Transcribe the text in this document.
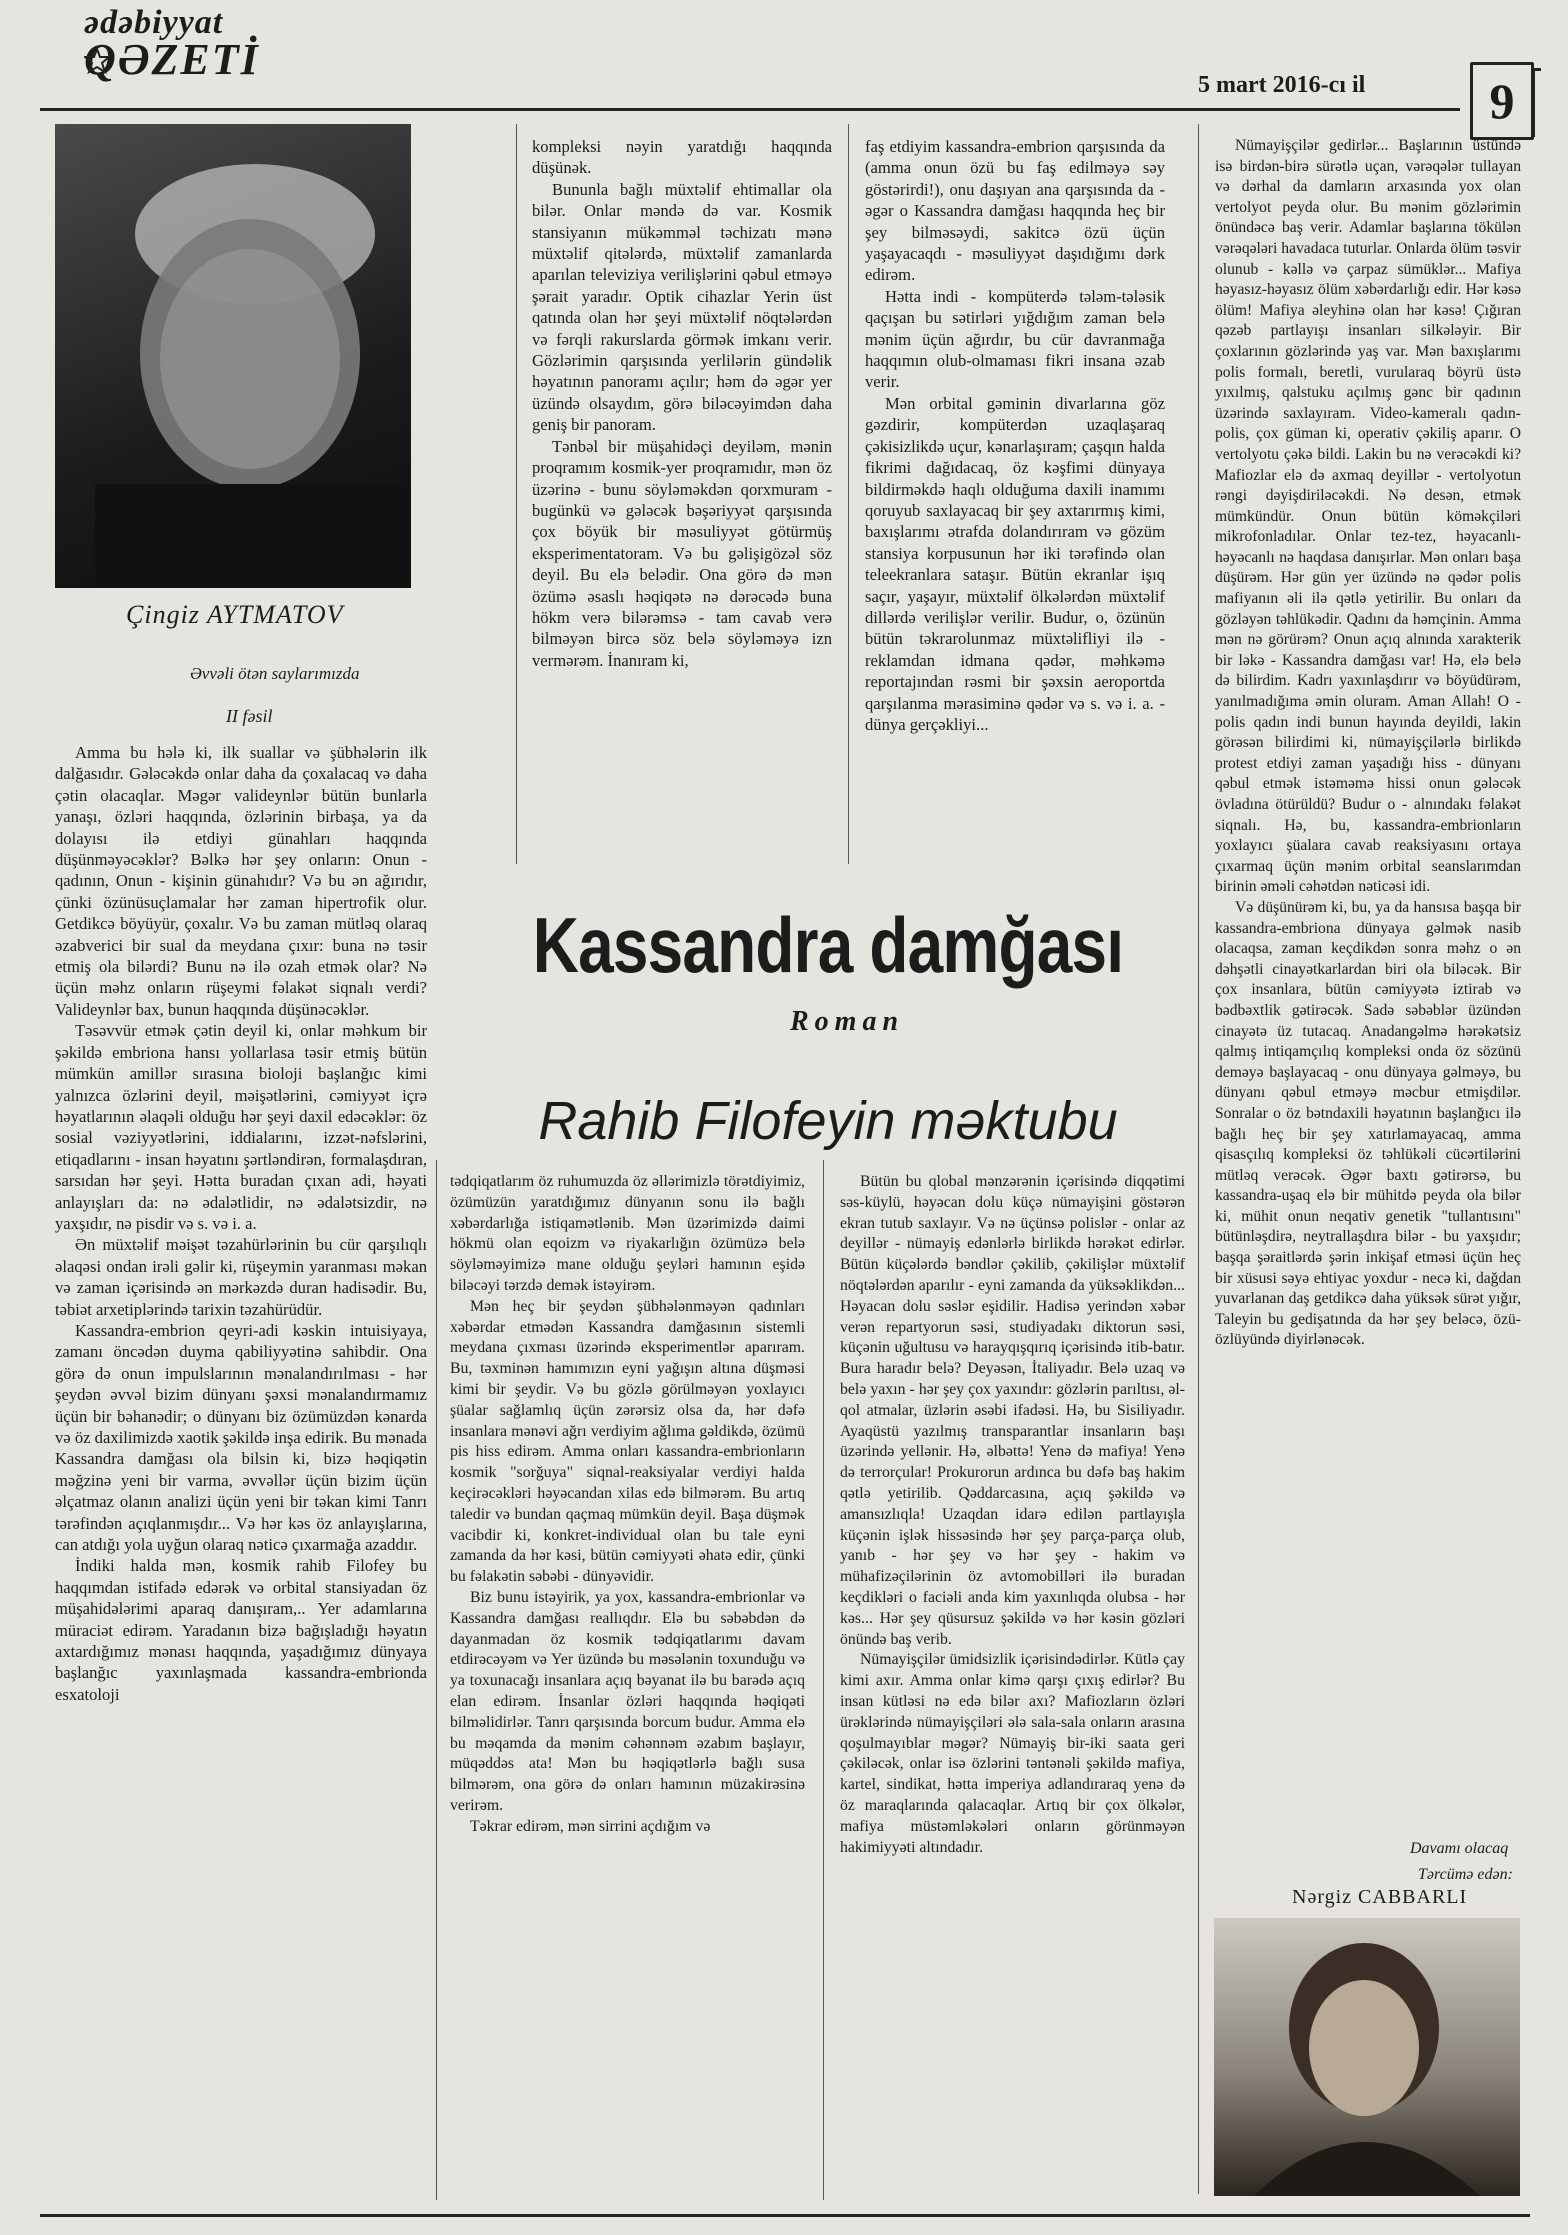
ədəbiyyat
QƏZETİ
5 mart 2016-cı il	9
Çingiz AYTMATOV
Əvvəli ötən saylarımızda
II fəsil

Amma bu hələ ki, ilk suallar və şübhələrin ilk dalğasıdır. Gələcəkdə onlar daha da çoxalacaq və daha çətin olacaqlar. Məgər valideynlər bütün bunlarla yanaşı, özləri haqqında, özlərinin birbaşa, ya da dolayısı ilə etdiyi günahları haqqında düşünməyəcəklər? Bəlkə hər şey onların: Onun - qadının, Onun - kişinin günahıdır? Və bu ən ağırıdır, çünki özünüsuçlamalar hər zaman hipertrofik olur. Getdikcə böyüyür, çoxalır. Və bu zaman mütləq olaraq əzabverici bir sual da meydana çıxır: buna nə təsir etmiş ola bilərdi? Bunu nə ilə ozah etmək olar? Nə üçün məhz onların rüşeymi fəlakət siqnalı verdi? Valideynlər bax, bunun haqqında düşünəcəklər.

Təsəvvür etmək çətin deyil ki, onlar məhkum bir şəkildə embriona hansı yollarlasa təsir etmiş bütün mümkün amillər sırasına bioloji başlanğıc kimi yalnızca özlərini deyil, məişətlərini, cəmiyyət içrə həyatlarının əlaqəli olduğu hər şeyi daxil edəcəklər: öz sosial vəziyyətlərini, iddialarını, izzət-nəfslərini, etiqadlarını - insan həyatını şərtləndirən, formalaşdıran, sarsıdan hər şeyi. Hətta buradan çıxan adi, həyati anlayışları da: nə ədalətlidir, nə ədalətsizdir, nə yaxşıdır, nə pisdir və s. və i. a.

Ən müxtəlif məişət təzahürlərinin bu cür qarşılıqlı əlaqəsi ondan irəli gəlir ki, rüşeymin yaranması məkan və zaman içərisində ən mərkəzdə duran hadisədir. Bu, təbiət arxetiplərində tarixin təzahürüdür.

Kassandra-embrion qeyri-adi kəskin intuisiyaya, zamanı öncədən duyma qabiliyyətinə sahibdir. Ona görə də onun impulslarının mənalandırılması - hər şeydən əvvəl bizim dünyanı şəxsi mənalandırmamız üçün bir bəhanədir; o dünyanı biz özümüzdən kənarda və öz daxilimizdə xaotik şəkildə inşa edirik. Bu mənada Kassandra damğası ola bilsin ki, bizə həqiqətin məğzinə yeni bir varma, əvvəllər üçün bizim üçün əlçatmaz olanın analizi üçün yeni bir təkan kimi Tanrı tərəfindən açıqlanmışdır... Və hər kəs öz anlayışlarına, can atdığı yola uyğun olaraq nəticə çıxarmağa azaddır.

İndiki halda mən, kosmik rahib Filofey bu haqqımdan istifadə edərək və orbital stansiyadan öz müşahidələrimi aparaq danışıram,.. Yer adamlarına müraciət edirəm. Yaradanın bizə bağışladığı həyatın axtardığımız mənası haqqında, yaşadığımız dünyaya başlanğıc yaxınlaşmada kassandra-embrionda esxatoloji

kompleksi nəyin yaratdığı haqqında düşünək.

Bununla bağlı müxtəlif ehtimallar ola bilər. Onlar məndə də var. Kosmik stansiyanın mükəmməl təchizatı mənə müxtəlif qitələrdə, müxtəlif zamanlarda aparılan televiziya verilişlərini qəbul etməyə şərait yaradır. Optik cihazlar Yerin üst qatında olan hər şeyi müxtəlif nöqtələrdən və fərqli rakurslarda görmək imkanı verir. Gözlərimin qarşısında yerlilərin gündəlik həyatının panoramı açılır; həm də əgər yer üzündə olsaydım, görə biləcəyimdən daha geniş bir panoram.

Tənbəl bir müşahidəçi deyiləm, mənin proqramım kosmik-yer proqramıdır, mən öz üzərinə - bunu söyləməkdən qorxmuram - bugünkü və gələcək bəşəriyyət qarşısında çox böyük bir məsuliyyət götürmüş eksperimentatoram. Və bu gəlişigözəl söz deyil. Bu elə belədir. Ona görə də mən özümə əsaslı həqiqətə nə dərəcədə buna hökm verə bilərəmsə - tam cavab verə bilməyən bircə söz belə söyləməyə izn vermərəm. İnanıram ki,

faş etdiyim kassandra-embrion qarşısında da (amma onun özü bu faş edilməyə səy göstərirdi!), onu daşıyan ana qarşısında da - əgər o Kassandra damğası haqqında heç bir şey bilməsəydi, sakitcə özü üçün yaşayacaqdı - məsuliyyət daşıdığımı dərk edirəm.

Hətta indi - kompüterdə tələm-tələsik qaçışan bu sətirləri yığdığım zaman belə mənim üçün ağırdır, bu cür davranmağa haqqımın olub-olmaması fikri insana əzab verir.

Mən orbital gəminin divarlarına göz gəzdirir, kompüterdən uzaqlaşaraq çəkisizlikdə uçur, kənarlaşıram; çaşqın halda fikrimi dağıdacaq, öz kəşfimi dünyaya bildirməkdə haqlı olduğuma daxili inamımı qoruyub saxlayacaq bir şey axtarırmış kimi, baxışlarımı ətrafda dolandırıram və gözüm stansiya korpusunun hər iki tərəfində olan teleekranlara sataşır. Bütün ekranlar işıq saçır, yaşayır, müxtəlif ölkələrdən müxtəlif dillərdə verilişlər verilir. Budur, o, özünün bütün təkrarolunmaz müxtəlifliyi ilə - reklamdan idmana qədər, məhkəmə reportajından rəsmi bir şəxsin aeroportda qarşılanma mərasiminə qədər və s. və i. a. - dünya gerçəkliyi...

Nümayişçilər gedirlər... Başlarının üstündə isə birdən-birə sürətlə uçan, vərəqələr tullayan və dərhal da damların arxasında yox olan vertolyot peyda olur. Bu mənim gözlərimin önündəcə baş verir. Adamlar başlarına tökülən vərəqələri havadaca tuturlar. Onlarda ölüm təsvir olunub - kəllə və çarpaz sümüklər... Mafiya həyasız-həyasız ölüm xəbərdarlığı edir. Hər kəsə ölüm! Mafiya əleyhinə olan hər kəsə! Çığıran qəzəb partlayışı insanları silkələyir. Bir çoxlarının gözlərində yaş var. Mən baxışlarımı polis formalı, beretli, vurularaq böyrü üstə yıxılmış, qalstuku açılmış gənc bir qadının üzərində saxlayıram. Video-kameralı qadın-polis, çox güman ki, operativ çəkiliş aparır. O vertolyotu çəkə bildi. Lakin bu nə verəcəkdi ki? Mafiozlar elə də axmaq deyillər - vertolyotun rəngi dəyişdiriləcəkdi. Nə desən, etmək mümkündür. Onun bütün köməkçiləri mikrofonladılar. Onlar tez-tez, həyacanlı-həyəcanlı nə haqdasa danışırlar. Mən onları başa düşürəm. Hər gün yer üzündə nə qədər polis mafiyanın əli ilə qətlə yetirilir. Bu onları da gözləyən təhlükədir. Qadını da həmçinin. Amma mən nə görürəm? Onun açıq alnında xarakterik bir ləkə - Kassandra damğası var! Hə, elə belə də bilirdim. Kadrı yaxınlaşdırır və böyüdürəm, yanılmadığıma əmin oluram. Aman Allah! O - polis qadın indi bunun hayında deyildi, lakin görəsən bilirdimi ki, nümayişçilərlə birlikdə protest etdiyi zaman yaşadığı hiss - dünyanı qəbul etmək istəməmə hissi onun gələcək övladına ötürüldü? Budur o - alnındakı fəlakət siqnalı. Hə, bu, kassandra-embrionların yoxlayıcı şüalara cavab reaksiyasını ortaya çıxarmaq üçün mənim orbital seanslarımdan birinin əməli cəhətdən nəticəsi idi.

Və düşünürəm ki, bu, ya da hansısa başqa bir kassandra-embriona dünyaya gəlmək nasib olacaqsa, zaman keçdikdən sonra məhz o ən dəhşətli cinayətkarlardan biri ola biləcək. Bir çox insanlara, bütün cəmiyyətə iztirab və bədbəxtlik gətirəcək. Sadə səbəblər üzündən cinayətə üz tutacaq. Anadangəlmə hərəkətsiz qalmış intiqamçılıq kompleksi onda öz sözünü deməyə başlayacaq - onu dünyaya gəlməyə, bu dünyanı qəbul etməyə məcbur etmişdilər. Sonralar o öz bətndaxili həyatının başlanğıcı ilə bağlı heç bir şey xatırlamayacaq, amma qisasçılıq kompleksi öz təhlükəli cücərtilərini mütləq verəcək. Əgər baxtı gətirərsə, bu kassandra-uşaq elə bir mühitdə peyda ola bilər ki, mühit onun neqativ genetik "tullantısını" bütünləşdirə, neytrallaşdıra bilər - bu yaxşıdır; başqa şəraitlərdə şərin inkişaf etməsi üçün heç bir xüsusi səyə ehtiyac yoxdur - necə ki, dağdan yuvarlanan daş getdikcə daha yüksək sürət yığır, Taleyin bu gedişatında da hər şey beləcə, özü-özlüyündə diyirlənəcək.

Kassandra damğası
Roman
Rahib Filofeyin məktubu

tədqiqatlarım öz ruhumuzda öz əllərimizlə törətdiyimiz, özümüzün yaratdığımız dünyanın sonu ilə bağlı xəbərdarlığa istiqamətlənib. Mən üzərimizdə daimi hökmü olan eqoizm və riyakarlığın özümüzə belə söyləməyimizə mane olduğu şeyləri hamının eşidə biləcəyi tərzdə demək istəyirəm.

Mən heç bir şeydən şübhələnməyən qadınları xəbərdar etmədən Kassandra damğasının sistemli meydana çıxması üzərində eksperimentlər aparıram. Bu, təxminən hamımızın eyni yağışın altına düşməsi kimi bir şeydir. Və bu gözlə görülməyən yoxlayıcı şüalar sağlamlıq üçün zərərsiz olsa da, hər dəfə insanlara mənəvi ağrı verdiyim ağlıma gəldikdə, özümü pis hiss edirəm. Amma onları kassandra-embrionların kosmik "sorğuya" siqnal-reaksiyalar verdiyi halda keçirəcəkləri həyəcandan xilas edə bilmərəm. Bu artıq taledir və bundan qaçmaq mümkün deyil. Başa düşmək vacibdir ki, konkret-individual olan bu tale eyni zamanda da hər kəsi, bütün cəmiyyəti əhatə edir, çünki bu fəlakətin səbəbi - dünyəvidir.

Biz bunu istəyirik, ya yox, kassandra-embrionlar və Kassandra damğası reallıqdır. Elə bu səbəbdən də dayanmadan öz kosmik tədqiqatlarımı davam etdirəcəyəm və Yer üzündə bu məsələnin toxunduğu və ya toxunacağı insanlara açıq bəyanat ilə bu barədə açıq elan edirəm. İnsanlar özləri haqqında həqiqəti bilməlidirlər. Tanrı qarşısında borcum budur. Amma elə bu məqamda da mənim cəhənnəm əzabım başlayır, müqəddəs ata! Mən bu həqiqətlərlə bağlı susa bilmərəm, ona görə də onları hamının müzakirəsinə verirəm.

Təkrar edirəm, mən sirrini açdığım və

Bütün bu qlobal mənzərənin içərisində diqqətimi səs-küylü, həyəcan dolu küçə nümayişini göstərən ekran tutub saxlayır. Və nə üçünsə polislər - onlar az deyillər - nümayiş edənlərlə birlikdə hərəkət edirlər. Bütün küçələrdə bəndlər çəkilib, çəkilişlər müxtəlif nöqtələrdən aparılır - eyni zamanda da yüksəklikdən... Həyacan dolu səslər eşidilir. Hadisə yerindən xəbər verən repartyorun səsi, studiyadakı diktorun səsi, küçənin uğultusu və harayqışqırıq içərisində itib-batır. Bura haradır belə? Deyəsən, İtaliyadır. Belə uzaq və belə yaxın - hər şey çox yaxındır: gözlərin parıltısı, əl-qol atmalar, üzlərin əsəbi ifadəsi. Hə, bu Sisiliyadır. Ayaqüstü yazılmış transparantlar insanların başı üzərində yellənir. Hə, əlbəttə! Yenə də mafiya! Yenə də terrorçular! Prokurorun ardınca bu dəfə baş hakim qətlə yetirilib. Qəddarcasına, açıq şəkildə və amansızlıqla! Uzaqdan idarə edilən partlayışla küçənin işlək hissəsində hər şey parça-parça olub, yanıb - hər şey və hər şey - hakim və mühafizəçilərinin öz avtomobilləri ilə buradan keçdikləri o faciəli anda kim yaxınlıqda olubsa - hər kəs... Hər şey qüsursuz şəkildə və hər kəsin gözləri önündə baş verib.

Nümayişçilər ümidsizlik içərisindədirlər. Kütlə çay kimi axır. Amma onlar kimə qarşı çıxış edirlər? Bu insan kütləsi nə edə bilər axı? Mafiozların özləri ürəklərində nümayişçiləri ələ sala-sala onların arasına qoşulmayıblar məgər? Nümayiş bir-iki saata geri çəkiləcək, onlar isə özlərini təntənəli şəkildə mafiya, kartel, sindikat, hətta imperiya adlandıraraq yenə də öz maraqlarında qalacaqlar. Artıq bir çox ölkələr, mafiya müstəmləkələri onların görünməyən hakimiyyəti altındadır.	Davamı olacaq
Tərcümə edən:
Nərgiz CABBARLI
